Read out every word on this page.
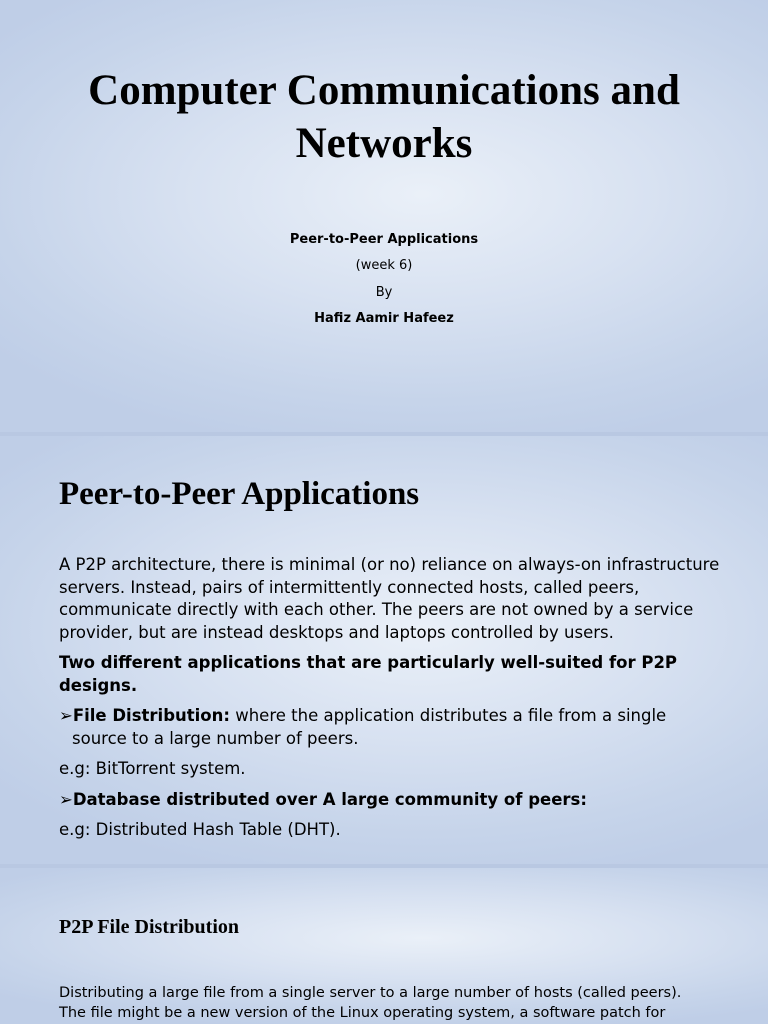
Computer Communications and Networks
Peer-to-Peer Applications
(week 6)
By
Hafiz Aamir Hafeez
Peer-to-Peer Applications

A P2P architecture, there is minimal (or no) reliance on always-on infrastructure servers. Instead, pairs of intermittently connected hosts, called peers, communicate directly with each other. The peers are not owned by a service provider, but are instead desktops and laptops controlled by users.

Two different applications that are particularly well-suited for P2P designs.

➢File Distribution: where the application distributes a file from a single

source to a large number of peers.

e.g: BitTorrent system.

➢Database distributed over A large community of peers:

e.g: Distributed Hash Table (DHT).

P2P File Distribution

Distributing a large file from a single server to a large number of hosts (called peers).

The file might be a new version of the Linux operating system, a software patch for
